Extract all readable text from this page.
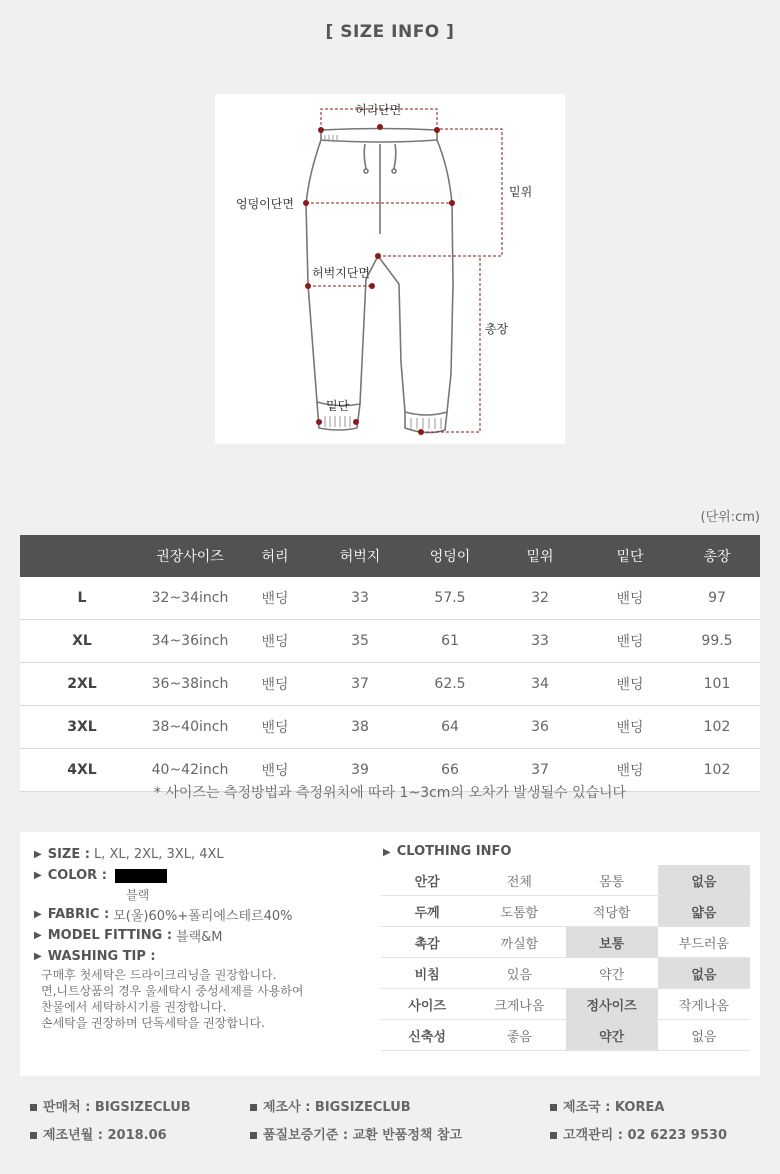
[ SIZE INFO ]
허리단면
엉덩이단면
허벅지단면
밑단
밑위
총장
(단위:cm)
	권장사이즈	허리	허벅지	엉덩이	밑위	밑단	총장
L	32~34inch	밴딩	33	57.5	32	밴딩	97
XL	34~36inch	밴딩	35	61	33	밴딩	99.5
2XL	36~38inch	밴딩	37	62.5	34	밴딩	101
3XL	38~40inch	밴딩	38	64	36	밴딩	102
4XL	40~42inch	밴딩	39	66	37	밴딩	102
* 사이즈는 측정방법과 측정위치에 따라 1~3cm의 오차가 발생될수 있습니다
▶ SIZE : L, XL, 2XL, 3XL, 4XL
▶ COLOR :
블랙
▶ FABRIC : 모(울)60%+폴리에스테르40%
▶ MODEL FITTING : 블랙&M
▶ WASHING TIP :
구매후 첫세탁은 드라이크리닝을 권장합니다.
면,니트상품의 경우 울세탁시 중성세제를 사용하여
찬물에서 세탁하시기를 권장합니다.
손세탁을 권장하며 단독세탁을 권장합니다.
▶ CLOTHING INFO
안감	전체	몸통	없음
두께	도톰함	적당함	얇음
촉감	까실함	보통	부드러움
비침	있음	약간	없음
사이즈	크게나옴	정사이즈	작게나옴
신축성	좋음	약간	없음
판매처 : BIGSIZECLUB	제조사 : BIGSIZECLUB	제조국 : KOREA
제조년월 : 2018.06	품질보증기준 : 교환 반품정책 참고	고객관리 : 02 6223 9530
